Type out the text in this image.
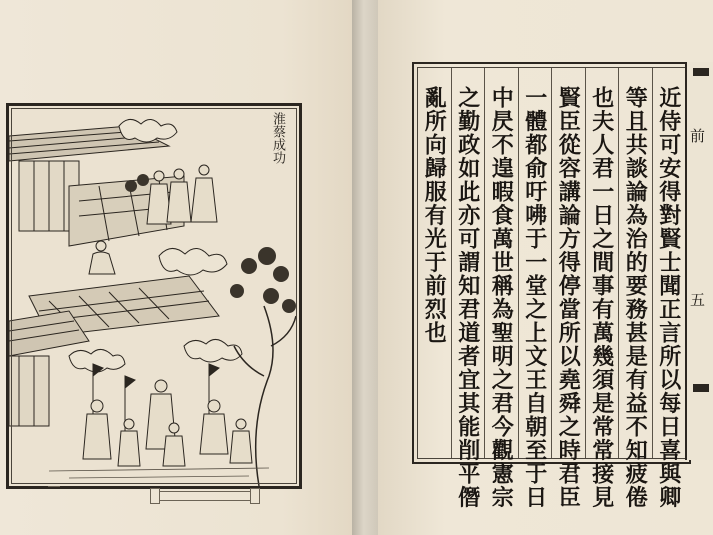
淮蔡成功	近侍可安得對賢士聞正言所以每日喜與卿
等且共談論為治的要務甚是有益不知疲倦
也夫人君一日之間事有萬幾須是常常接見
賢臣從容講論方得停當所以堯舜之時君臣
一體都俞吁咈于一堂之上文王自朝至于日
中昃不遑暇食萬世稱為聖明之君今觀憲宗
之勤政如此亦可謂知君道者宜其能削平僭
亂所向歸服有光于前烈也	前
五
